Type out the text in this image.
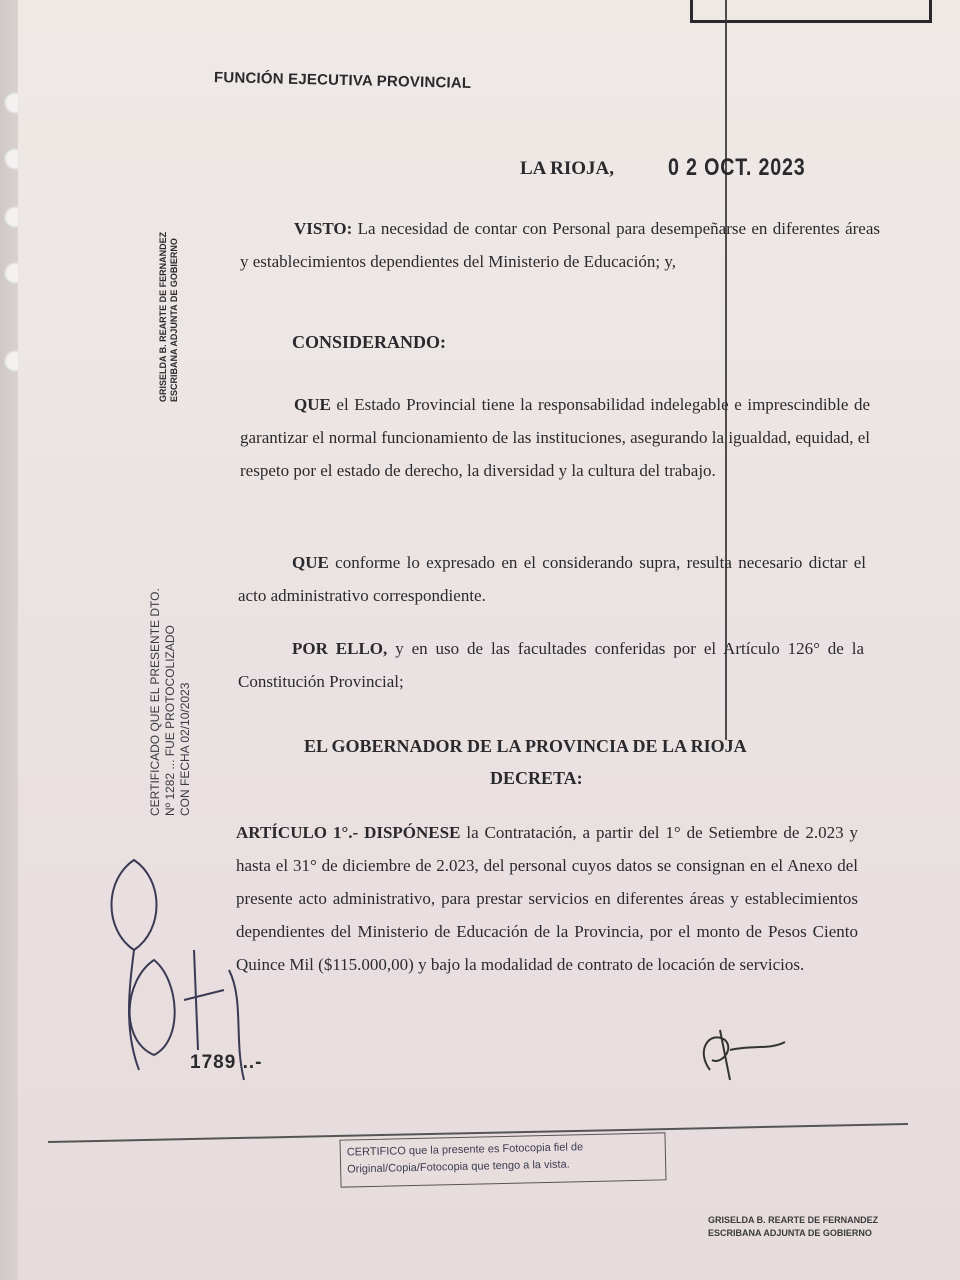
FUNCIÓN EJECUTIVA PROVINCIAL
LA RIOJA, 0 2 OCT. 2023
VISTO: La necesidad de contar con Personal para desempeñarse en diferentes áreas y establecimientos dependientes del Ministerio de Educación; y,
CONSIDERANDO:
QUE el Estado Provincial tiene la responsabilidad indelegable e imprescindible de garantizar el normal funcionamiento de las instituciones, asegurando la igualdad, equidad, el respeto por el estado de derecho, la diversidad y la cultura del trabajo.
QUE conforme lo expresado en el considerando supra, resulta necesario dictar el acto administrativo correspondiente.
POR ELLO, y en uso de las facultades conferidas por el Artículo 126° de la Constitución Provincial;
EL GOBERNADOR DE LA PROVINCIA DE LA RIOJA
DECRETA:
ARTÍCULO 1°.- DISPÓNESE la Contratación, a partir del 1° de Setiembre de 2.023 y hasta el 31° de diciembre de 2.023, del personal cuyos datos se consignan en el Anexo del presente acto administrativo, para prestar servicios en diferentes áreas y establecimientos dependientes del Ministerio de Educación de la Provincia, por el monto de Pesos Ciento Quince Mil ($115.000,00) y bajo la modalidad de contrato de locación de servicios.
GRISELDA B. REARTE DE FERNANDEZ ESCRIBANA ADJUNTA DE GOBIERNO
CERTIFICADO QUE EL PRESENTE DTO. Nº 1282 ... FUE PROTOCOLIZADO CON FECHA 02/10/2023
1789 ..-
CERTIFICO que la presente es Fotocopia fiel de
Original/Copia/Fotocopia que tengo a la vista.
GRISELDA B. REARTE DE FERNANDEZ
ESCRIBANA ADJUNTA DE GOBIERNO
